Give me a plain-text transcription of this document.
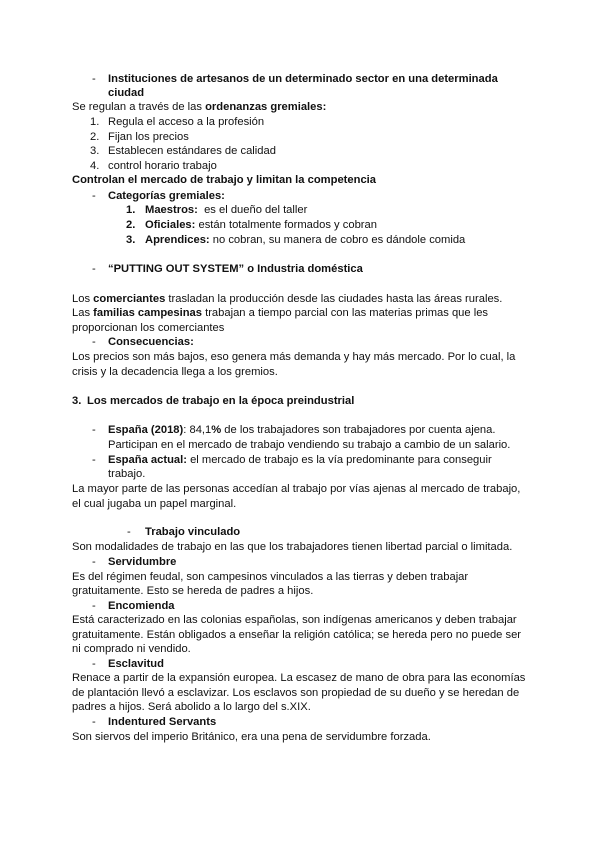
- Instituciones de artesanos de un determinado sector en una determinada
ciudad
Se regulan a través de las ordenanzas gremiales:
1. Regula el acceso a la profesión
2. Fijan los precios
3. Establecen estándares de calidad
4. control horario trabajo
Controlan el mercado de trabajo y limitan la competencia
- Categorías gremiales:
1. Maestros:  es el dueño del taller
2. Oficiales: están totalmente formados y cobran
3. Aprendices: no cobran, su manera de cobro es dándole comida
- “PUTTING OUT SYSTEM” o Industria doméstica
Los comerciantes trasladan la producción desde las ciudades hasta las áreas rurales.
Las familias campesinas trabajan a tiempo parcial con las materias primas que les
proporcionan los comerciantes
- Consecuencias:
Los precios son más bajos, eso genera más demanda y hay más mercado. Por lo cual, la
crisis y la decadencia llega a los gremios.
3. Los mercados de trabajo en la época preindustrial
- España (2018): 84,1% de los trabajadores son trabajadores por cuenta ajena.
Participan en el mercado de trabajo vendiendo su trabajo a cambio de un salario.
- España actual: el mercado de trabajo es la vía predominante para conseguir
trabajo.
La mayor parte de las personas accedían al trabajo por vías ajenas al mercado de trabajo,
el cual jugaba un papel marginal.
- Trabajo vinculado
Son modalidades de trabajo en las que los trabajadores tienen libertad parcial o limitada.
- Servidumbre
Es del régimen feudal, son campesinos vinculados a las tierras y deben trabajar
gratuitamente. Esto se hereda de padres a hijos.
- Encomienda
Está caracterizado en las colonias españolas, son indígenas americanos y deben trabajar
gratuitamente. Están obligados a enseñar la religión católica; se hereda pero no puede ser
ni comprado ni vendido.
- Esclavitud
Renace a partir de la expansión europea. La escasez de mano de obra para las economías
de plantación llevó a esclavizar. Los esclavos son propiedad de su dueño y se heredan de
padres a hijos. Será abolido a lo largo del s.XIX.
- Indentured Servants
Son siervos del imperio Británico, era una pena de servidumbre forzada.
